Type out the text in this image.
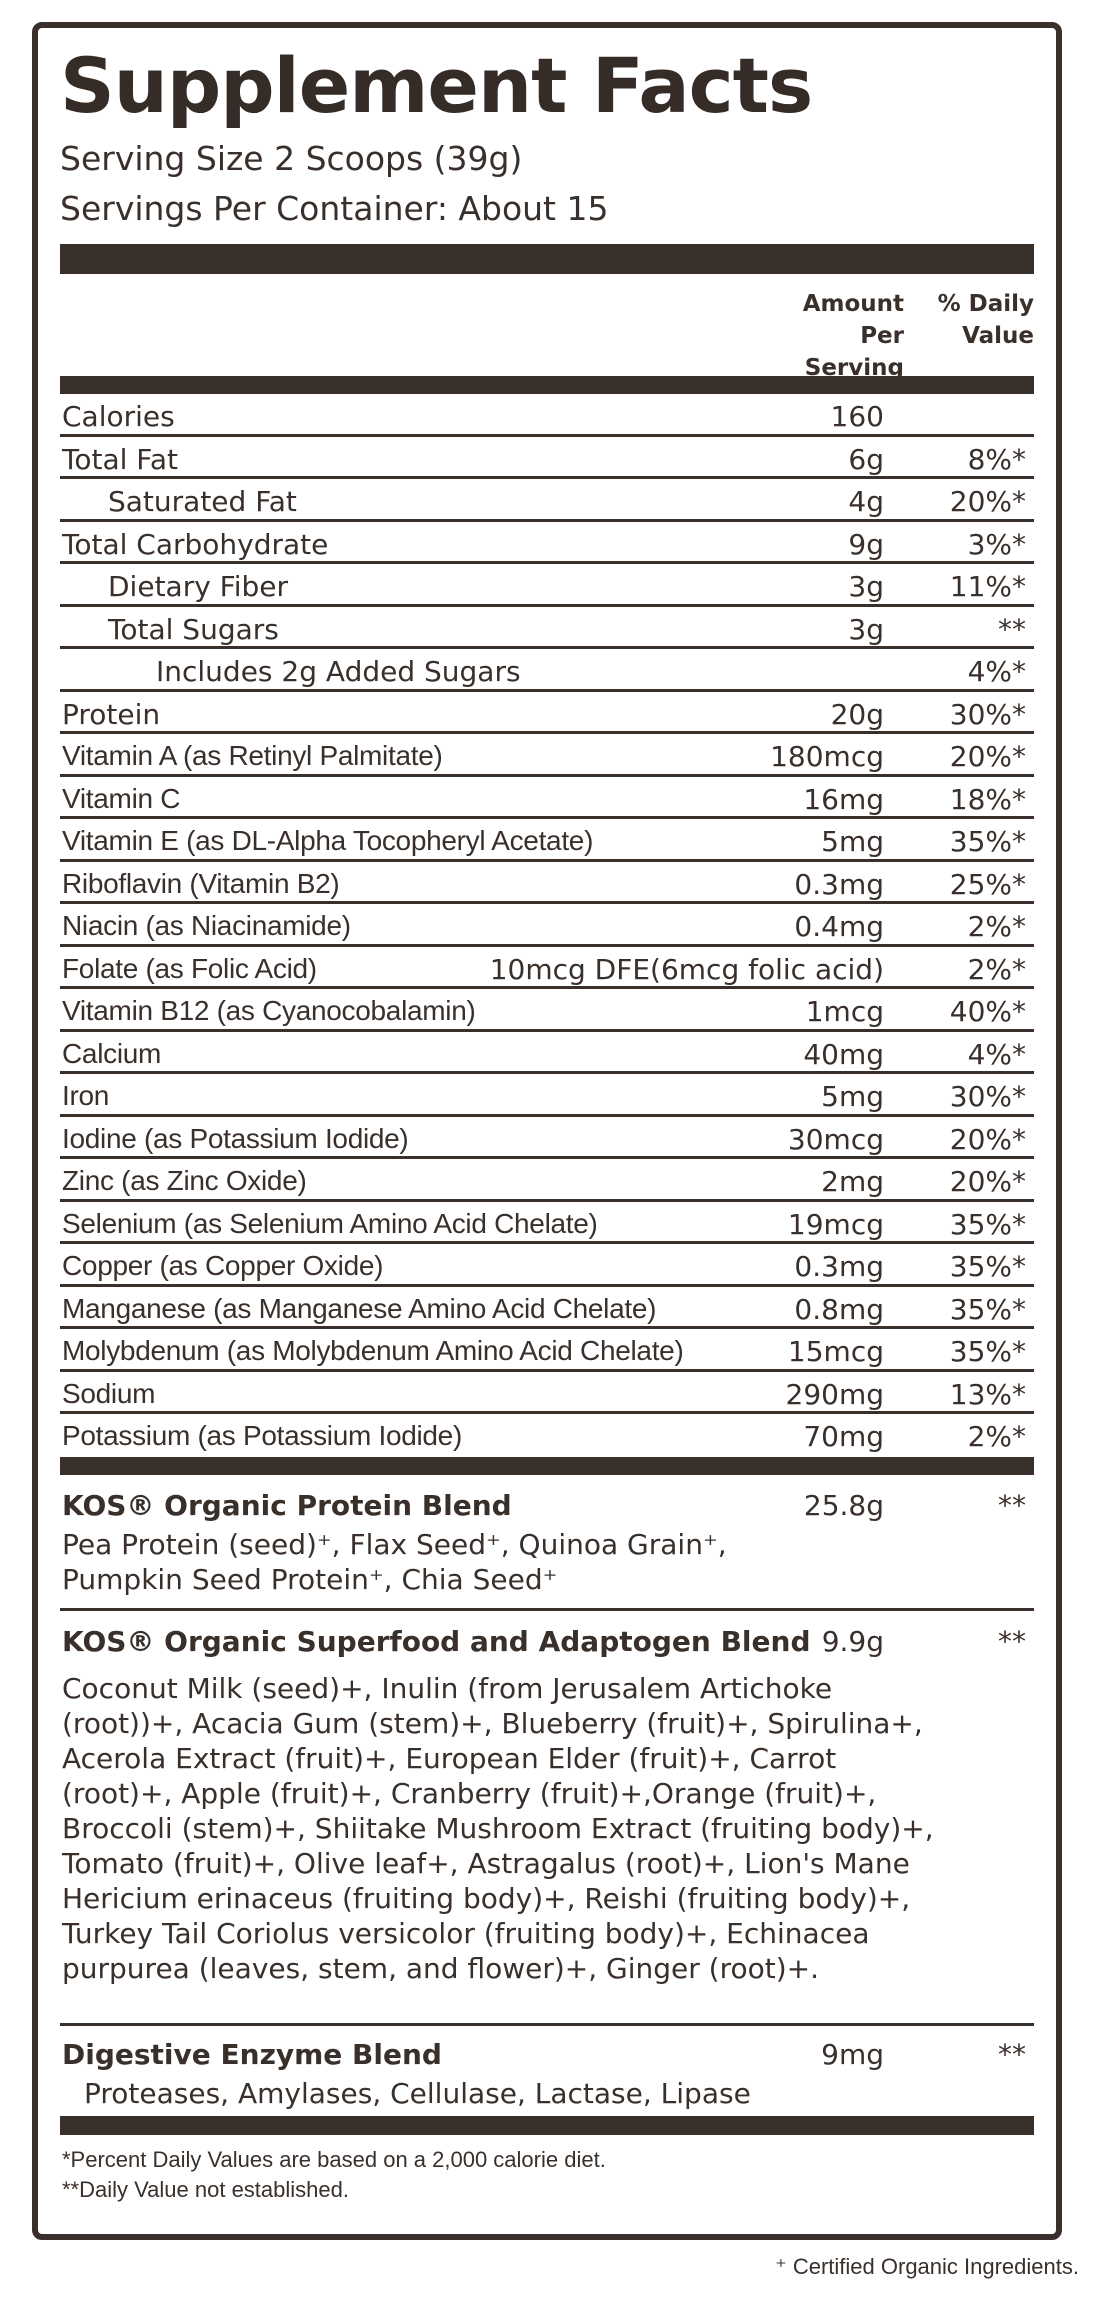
Supplement Facts
Serving Size 2 Scoops (39g)
Servings Per Container: About 15
Amount Per Serving
% Daily Value
Calories	160
Total Fat	6g	8%*
Saturated Fat	4g 20%*
Total Carbohydrate	9g	3%*
Dietary Fiber	3g 11%*
Total Sugars	3g	**
Includes 2g Added Sugars	4%*
Protein	20g 30%*
Vitamin A (as Retinyl Palmitate)	180mcg 20%*
Vitamin C	16mg 18%*
Vitamin E (as DL-Alpha Tocopheryl Acetate)	5mg 35%*
Riboflavin (Vitamin B2)	0.3mg 25%*
Niacin (as Niacinamide)	0.4mg	2%*
Folate (as Folic Acid)	10mcg DFE(6mcg folic acid)	2%*
Vitamin B12 (as Cyanocobalamin)	1mcg 40%*
Calcium	40mg	4%*
Iron	5mg 30%*
Iodine (as Potassium Iodide)	30mcg 20%*
Zinc (as Zinc Oxide)	2mg 20%*
Selenium (as Selenium Amino Acid Chelate)	19mcg 35%*
Copper (as Copper Oxide)	0.3mg 35%*
Manganese (as Manganese Amino Acid Chelate)	0.8mg 35%*
Molybdenum (as Molybdenum Amino Acid Chelate)	15mcg 35%*
Sodium	290mg 13%*
Potassium (as Potassium Iodide)	70mg	2%*
KOS® Organic Protein Blend	25.8g	**
Pea Protein (seed)⁺, Flax Seed⁺, Quinoa Grain⁺, Pumpkin Seed Protein⁺, Chia Seed⁺
KOS® Organic Superfood and Adaptogen Blend 9.9g	**
Coconut Milk (seed)+, Inulin (from Jerusalem Artichoke (root))+, Acacia Gum (stem)+, Blueberry (fruit)+, Spirulina+, Acerola Extract (fruit)+, European Elder (fruit)+, Carrot (root)+, Apple (fruit)+, Cranberry (fruit)+,Orange (fruit)+, Broccoli (stem)+, Shiitake Mushroom Extract (fruiting body)+, Tomato (fruit)+, Olive leaf+, Astragalus (root)+, Lion's Mane Hericium erinaceus (fruiting body)+, Reishi (fruiting body)+, Turkey Tail Coriolus versicolor (fruiting body)+, Echinacea purpurea (leaves, stem, and flower)+, Ginger (root)+.
Digestive Enzyme Blend	9mg	**
Proteases, Amylases, Cellulase, Lactase, Lipase
*Percent Daily Values are based on a 2,000 calorie diet.
**Daily Value not established.
⁺ Certified Organic Ingredients.
